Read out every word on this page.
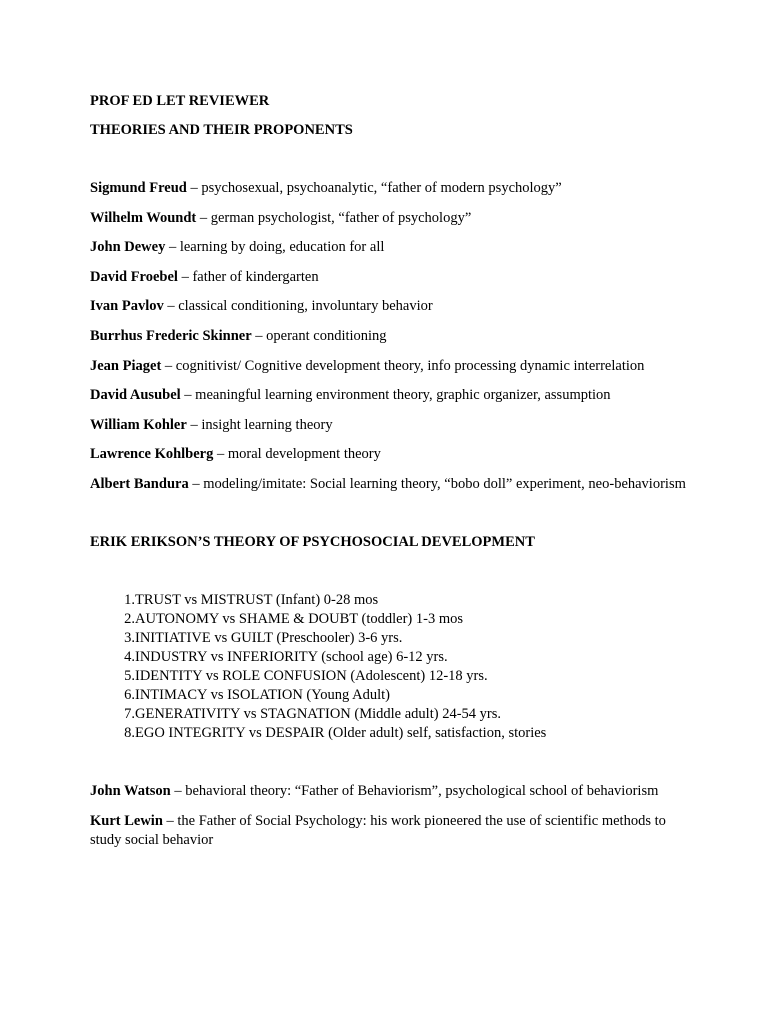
PROF ED LET REVIEWER

THEORIES AND THEIR PROPONENTS

Sigmund Freud – psychosexual, psychoanalytic, “father of modern psychology”

Wilhelm Woundt – german psychologist, “father of psychology”

John Dewey – learning by doing, education for all

David Froebel – father of kindergarten

Ivan Pavlov – classical conditioning, involuntary behavior

Burrhus Frederic Skinner – operant conditioning

Jean Piaget – cognitivist/ Cognitive development theory, info processing dynamic interrelation

David Ausubel – meaningful learning environment theory, graphic organizer, assumption

William Kohler – insight learning theory

Lawrence Kohlberg – moral development theory

Albert Bandura – modeling/imitate: Social learning theory, “bobo doll” experiment, neo-behaviorism

ERIK ERIKSON’S THEORY OF PSYCHOSOCIAL DEVELOPMENT

1. TRUST vs MISTRUST (Infant) 0-28 mos
2. AUTONOMY vs SHAME & DOUBT (toddler) 1-3 mos
3. INITIATIVE vs GUILT (Preschooler) 3-6 yrs.
4. INDUSTRY vs INFERIORITY (school age) 6-12 yrs.
5. IDENTITY vs ROLE CONFUSION (Adolescent) 12-18 yrs.
6. INTIMACY vs ISOLATION (Young Adult)
7. GENERATIVITY vs STAGNATION (Middle adult) 24-54 yrs.
8. EGO INTEGRITY vs DESPAIR (Older adult) self, satisfaction, stories

John Watson – behavioral theory: “Father of Behaviorism”, psychological school of behaviorism

Kurt Lewin – the Father of Social Psychology: his work pioneered the use of scientific methods to study social behavior
